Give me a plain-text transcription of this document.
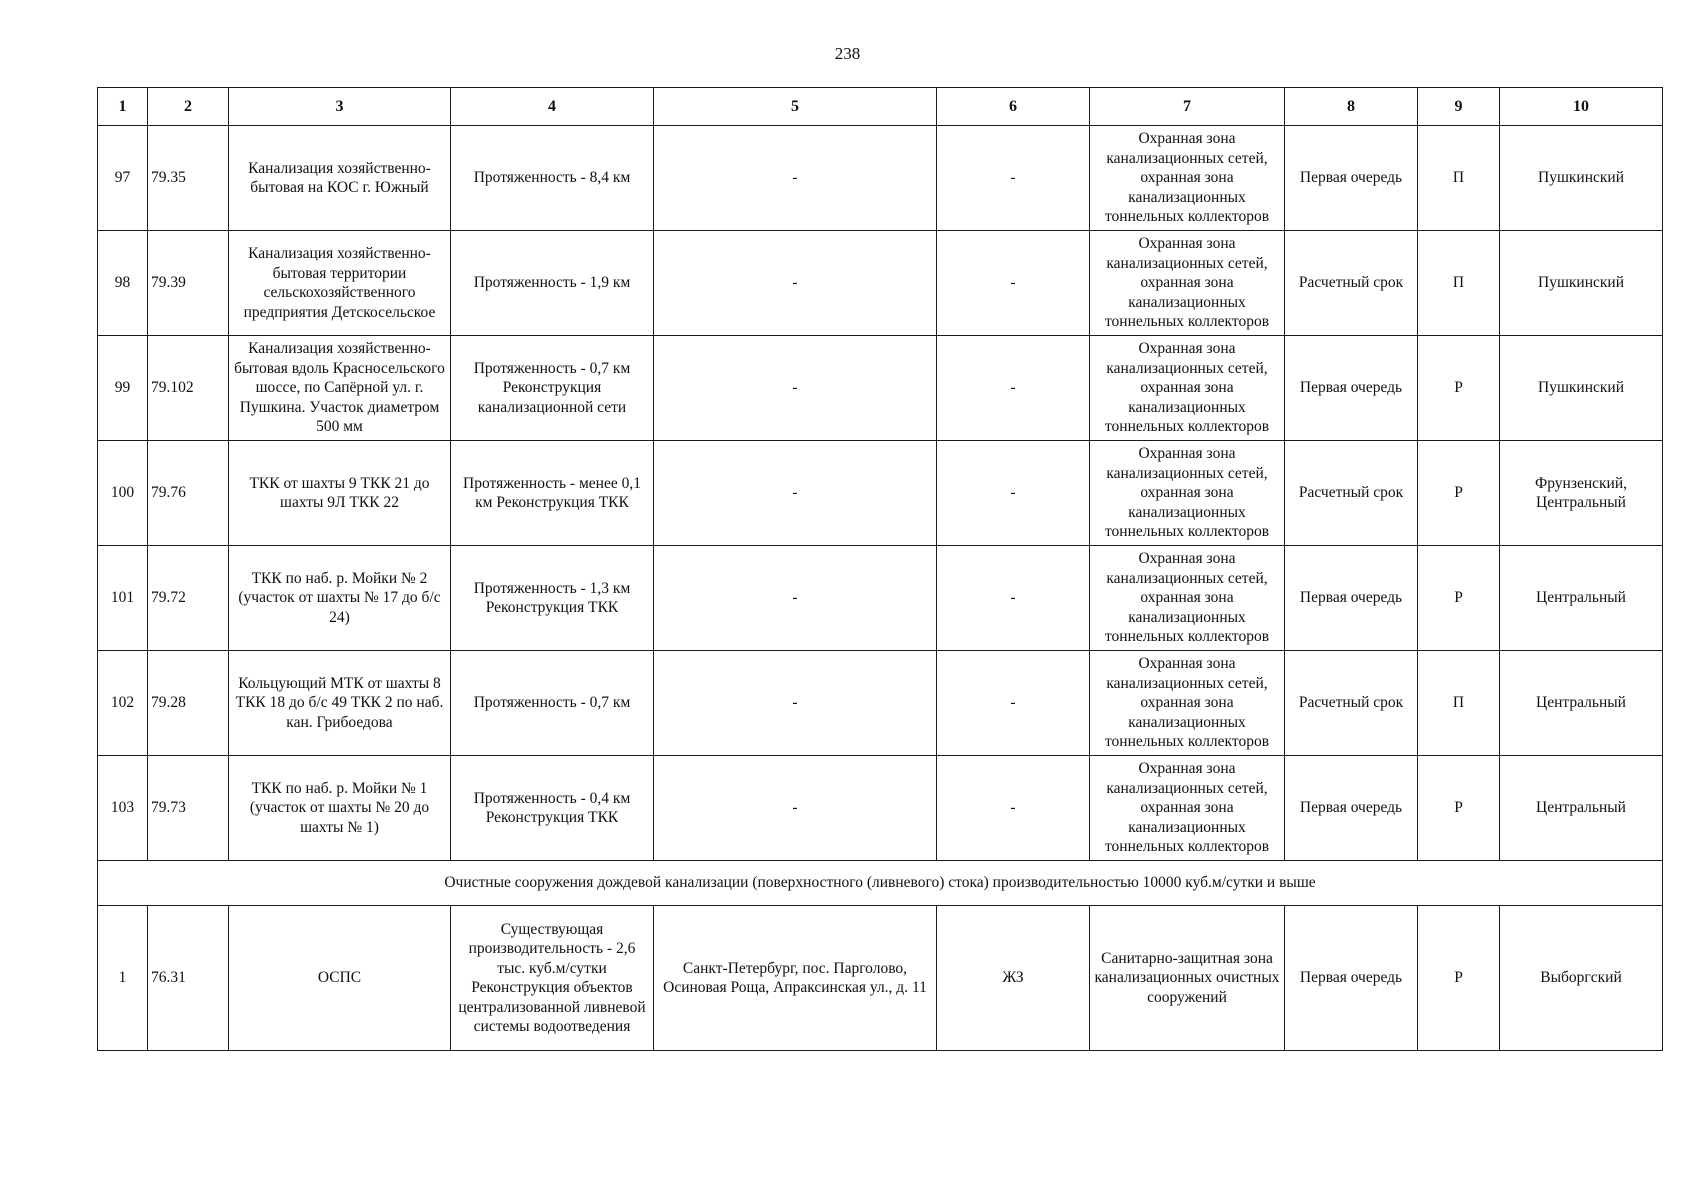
238
1	2	3	4	5	6	7	8	9	10
97	79.35	Канализация хозяйственно-бытовая на КОС г. Южный	Протяженность - 8,4 км	-	-	Охранная зона канализационных сетей, охранная зона канализационных тоннельных коллекторов	Первая очередь	П	Пушкинский
98	79.39	Канализация хозяйственно-бытовая территории сельскохозяйственного предприятия Детскосельское	Протяженность - 1,9 км	-	-	Охранная зона канализационных сетей, охранная зона канализационных тоннельных коллекторов	Расчетный срок	П	Пушкинский
99	79.102	Канализация хозяйственно-бытовая вдоль Красносельского шоссе, по Сапёрной ул. г. Пушкина. Участок диаметром 500 мм	Протяженность - 0,7 км Реконструкция канализационной сети	-	-	Охранная зона канализационных сетей, охранная зона канализационных тоннельных коллекторов	Первая очередь	Р	Пушкинский
100	79.76	ТКК от шахты 9 ТКК 21 до шахты 9Л ТКК 22	Протяженность - менее 0,1 км Реконструкция ТКК	-	-	Охранная зона канализационных сетей, охранная зона канализационных тоннельных коллекторов	Расчетный срок	Р	Фрунзенский, Центральный
101	79.72	ТКК по наб. р. Мойки № 2 (участок от шахты № 17 до б/с 24)	Протяженность - 1,3 км Реконструкция ТКК	-	-	Охранная зона канализационных сетей, охранная зона канализационных тоннельных коллекторов	Первая очередь	Р	Центральный
102	79.28	Кольцующий МТК от шахты 8 ТКК 18 до б/с 49 ТКК 2 по наб. кан. Грибоедова	Протяженность - 0,7 км	-	-	Охранная зона канализационных сетей, охранная зона канализационных тоннельных коллекторов	Расчетный срок	П	Центральный
103	79.73	ТКК по наб. р. Мойки № 1 (участок от шахты № 20 до шахты № 1)	Протяженность - 0,4 км Реконструкция ТКК	-	-	Охранная зона канализационных сетей, охранная зона канализационных тоннельных коллекторов	Первая очередь	Р	Центральный
Очистные сооружения дождевой канализации (поверхностного (ливневого) стока) производительностью 10000 куб.м/сутки и выше									
1	76.31	ОСПС	Существующая производительность - 2,6 тыс. куб.м/сутки Реконструкция объектов централизованной ливневой системы водоотведения	Санкт-Петербург, пос. Парголово, Осиновая Роща, Апраксинская ул., д. 11	ЖЗ	Санитарно-защитная зона канализационных очистных сооружений	Первая очередь	Р	Выборгский
